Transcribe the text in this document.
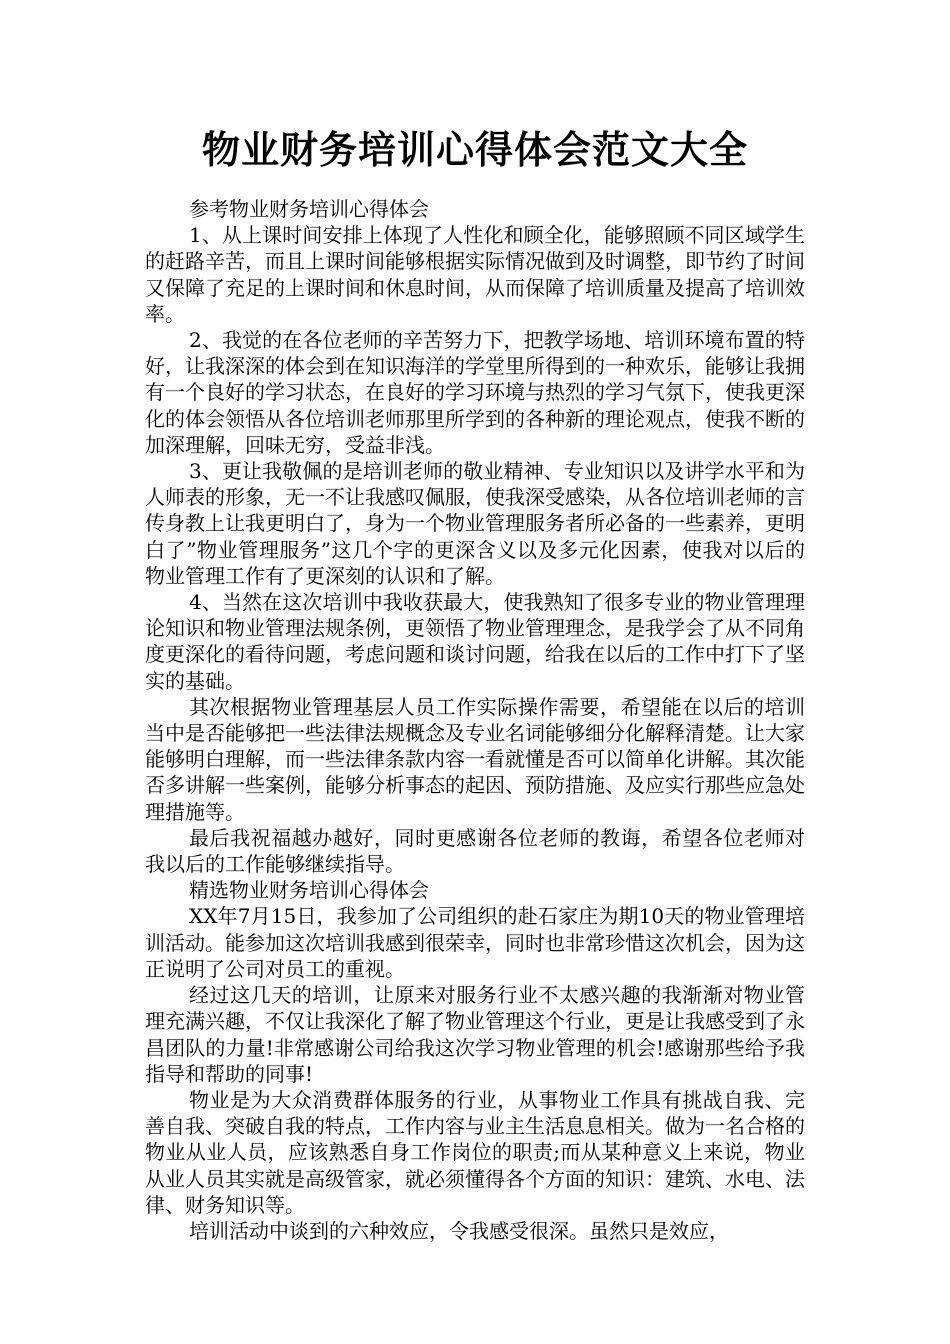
物业财务培训心得体会范文大全

参考物业财务培训心得体会

1、从上课时间安排上体现了人性化和顾全化，能够照顾不同区域学生的赶路辛苦，而且上课时间能够根据实际情况做到及时调整，即节约了时间又保障了充足的上课时间和休息时间，从而保障了培训质量及提高了培训效率。

2、我觉的在各位老师的辛苦努力下，把教学场地、培训环境布置的特好，让我深深的体会到在知识海洋的学堂里所得到的一种欢乐，能够让我拥有一个良好的学习状态，在良好的学习环境与热烈的学习气氛下，使我更深化的体会领悟从各位培训老师那里所学到的各种新的理论观点，使我不断的加深理解，回味无穷，受益非浅。

3、更让我敬佩的是培训老师的敬业精神、专业知识以及讲学水平和为人师表的形象，无一不让我感叹佩服，使我深受感染，从各位培训老师的言传身教上让我更明白了，身为一个物业管理服务者所必备的一些素养，更明白了”物业管理服务”这几个字的更深含义以及多元化因素，使我对以后的物业管理工作有了更深刻的认识和了解。

4、当然在这次培训中我收获最大，使我熟知了很多专业的物业管理理论知识和物业管理法规条例，更领悟了物业管理理念，是我学会了从不同角度更深化的看待问题，考虑问题和谈讨问题，给我在以后的工作中打下了坚实的基础。

其次根据物业管理基层人员工作实际操作需要，希望能在以后的培训当中是否能够把一些法律法规概念及专业名词能够细分化解释清楚。让大家能够明白理解，而一些法律条款内容一看就懂是否可以简单化讲解。其次能否多讲解一些案例，能够分析事态的起因、预防措施、及应实行那些应急处理措施等。

最后我祝福越办越好，同时更感谢各位老师的教诲，希望各位老师对我以后的工作能够继续指导。

精选物业财务培训心得体会

XX年7月15日，我参加了公司组织的赴石家庄为期10天的物业管理培训活动。能参加这次培训我感到很荣幸，同时也非常珍惜这次机会，因为这正说明了公司对员工的重视。

经过这几天的培训，让原来对服务行业不太感兴趣的我渐渐对物业管理充满兴趣，不仅让我深化了解了物业管理这个行业，更是让我感受到了永昌团队的力量!非常感谢公司给我这次学习物业管理的机会!感谢那些给予我指导和帮助的同事!

物业是为大众消费群体服务的行业，从事物业工作具有挑战自我、完善自我、突破自我的特点，工作内容与业主生活息息相关。做为一名合格的物业从业人员，应该熟悉自身工作岗位的职责;而从某种意义上来说，物业从业人员其实就是高级管家，就必须懂得各个方面的知识：建筑、水电、法律、财务知识等。

培训活动中谈到的六种效应，令我感受很深。虽然只是效应，
